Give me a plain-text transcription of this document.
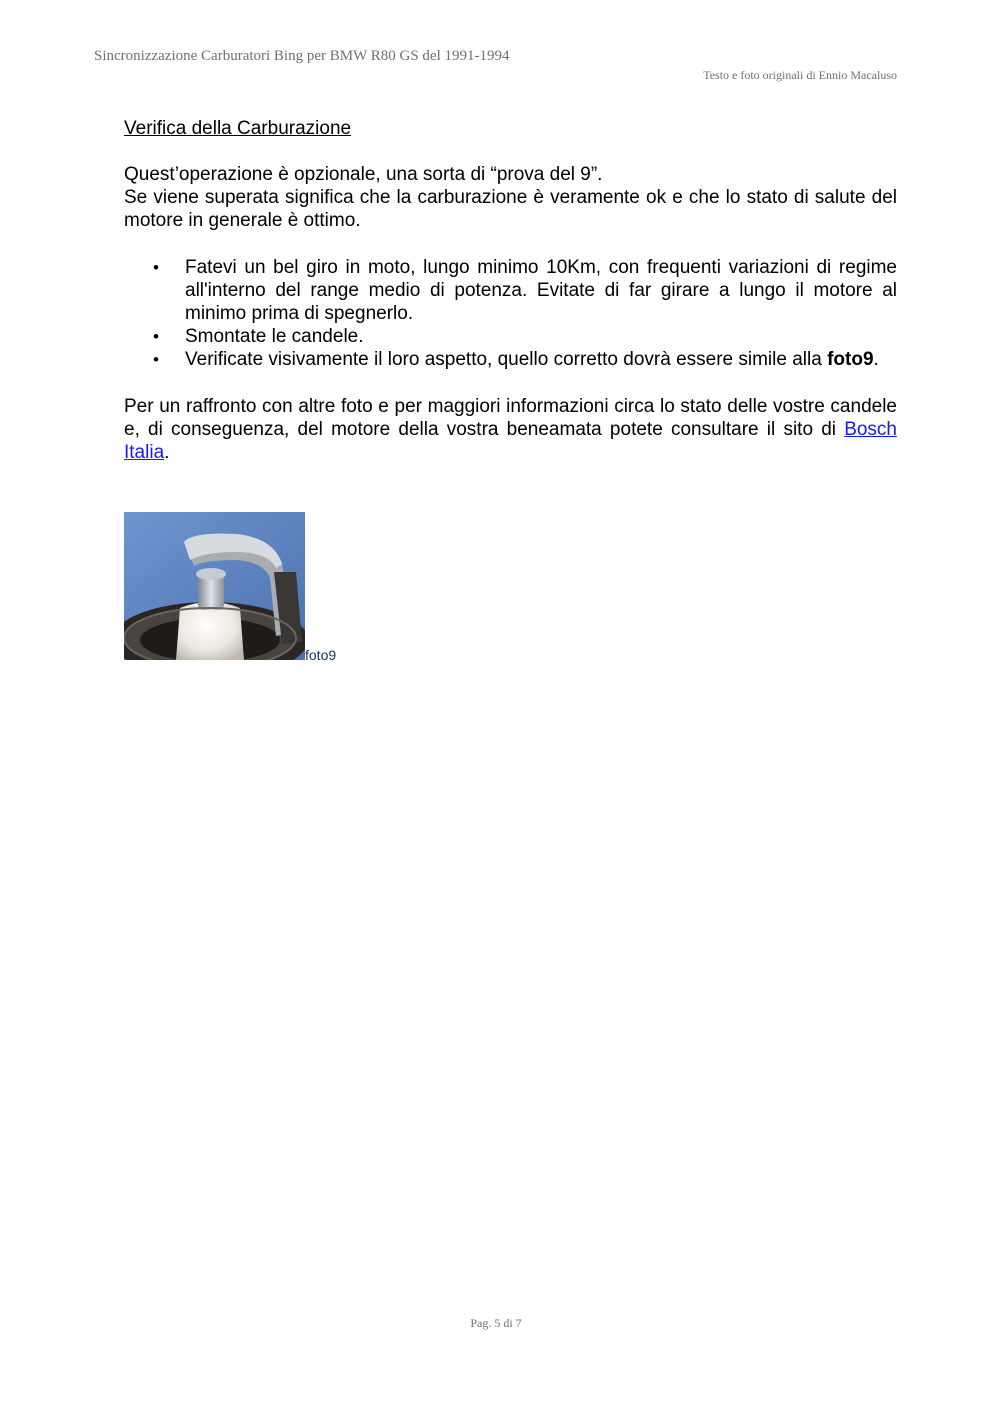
Sincronizzazione Carburatori Bing per BMW R80 GS del 1991-1994
Testo e foto originali di Ennio Macaluso
Verifica della Carburazione

Quest’operazione è opzionale, una sorta di “prova del 9”.

Se viene superata significa che la carburazione è veramente ok e che lo stato di salute del motore in generale è ottimo.

• Fatevi un bel giro in moto, lungo minimo 10Km, con frequenti variazioni di regime all'interno del range medio di potenza. Evitate di far girare a lungo il motore al minimo prima di spegnerlo.
• Smontate le candele.
• Verificate visivamente il loro aspetto, quello corretto dovrà essere simile alla foto9.

Per un raffronto con altre foto e per maggiori informazioni circa lo stato delle vostre candele e, di conseguenza, del motore della vostra beneamata potete consultare il sito di Bosch Italia.

foto9
Pag. 5 di 7
